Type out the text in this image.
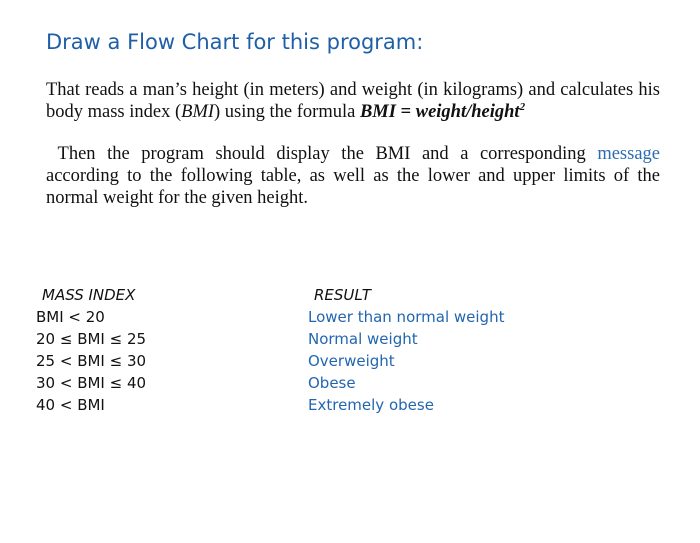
Draw a Flow Chart for this program:
That reads a man’s height (in meters) and weight (in kilograms) and calculates his body mass index (BMI) using the formula BMI = weight/height$^2$
Then the program should display the BMI and a corresponding message according to the following table, as well as the lower and upper limits of the normal weight for the given height.
MASS INDEX
BMI < 20
20 ≤ BMI ≤ 25
25 < BMI ≤ 30
30 < BMI ≤ 40
40 < BMI
RESULT
Lower than normal weight
Normal weight
Overweight
Obese
Extremely obese
